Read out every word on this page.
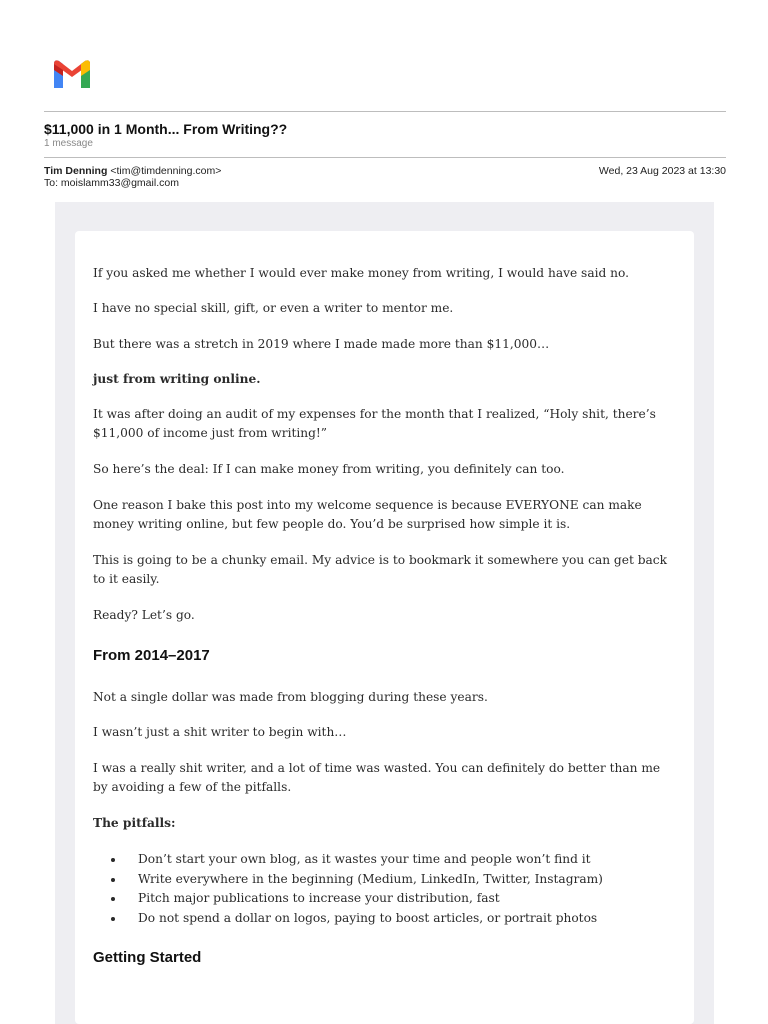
$11,000 in 1 Month... From Writing??
1 message
Tim Denning <tim@timdenning.com>
To: moislamm33@gmail.com
Wed, 23 Aug 2023 at 13:30
If you asked me whether I would ever make money from writing, I would have said no.
I have no special skill, gift, or even a writer to mentor me.
But there was a stretch in 2019 where I made made more than $11,000…
just from writing online.
It was after doing an audit of my expenses for the month that I realized, “Holy shit, there’s $11,000 of income just from writing!”
So here’s the deal: If I can make money from writing, you definitely can too.
One reason I bake this post into my welcome sequence is because EVERYONE can make money writing online, but few people do. You’d be surprised how simple it is.
This is going to be a chunky email. My advice is to bookmark it somewhere you can get back to it easily.
Ready? Let’s go.
From 2014–2017
Not a single dollar was made from blogging during these years.
I wasn’t just a shit writer to begin with…
I was a really shit writer, and a lot of time was wasted. You can definitely do better than me by avoiding a few of the pitfalls.
The pitfalls:
Don’t start your own blog, as it wastes your time and people won’t find it
Write everywhere in the beginning (Medium, LinkedIn, Twitter, Instagram)
Pitch major publications to increase your distribution, fast
Do not spend a dollar on logos, paying to boost articles, or portrait photos
Getting Started
